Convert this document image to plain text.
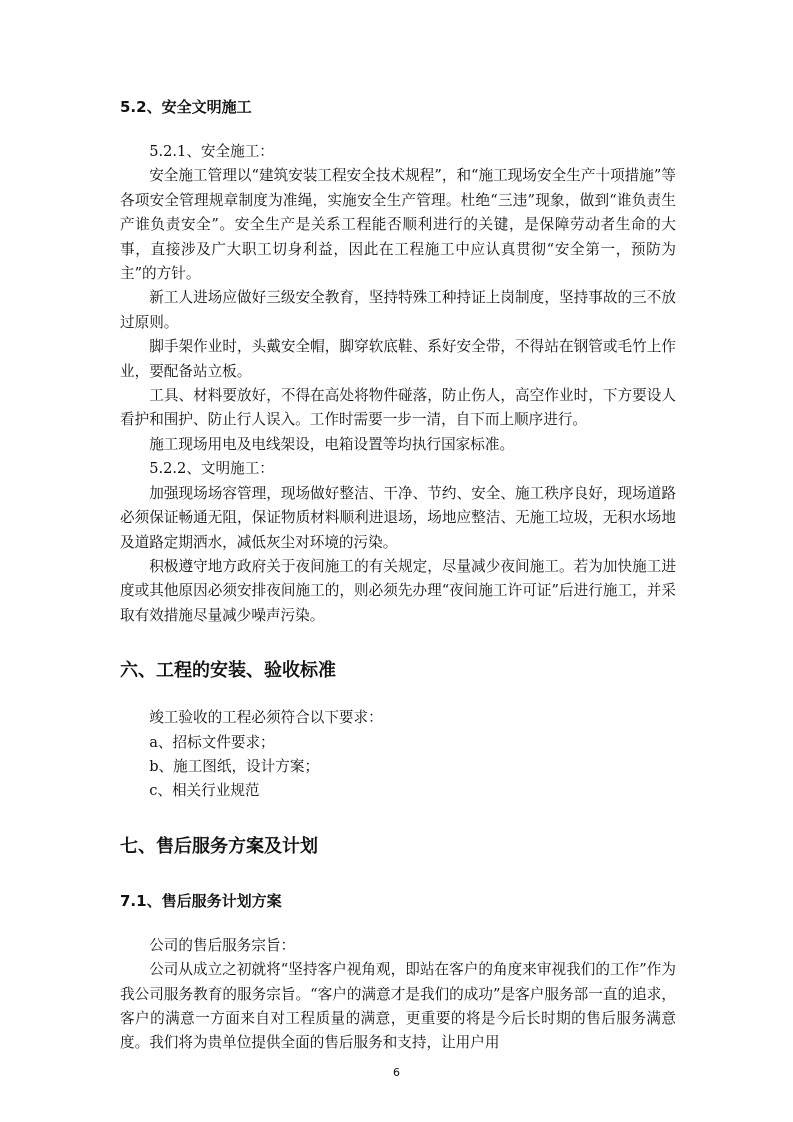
5.2、安全文明施工

5.2.1、安全施工：

安全施工管理以“建筑安装工程安全技术规程”，和“施工现场安全生产十项措施”等各项安全管理规章制度为准绳，实施安全生产管理。杜绝“三违”现象，做到“谁负责生产谁负责安全”。安全生产是关系工程能否顺利进行的关键，是保障劳动者生命的大事，直接涉及广大职工切身利益，因此在工程施工中应认真贯彻“安全第一，预防为主”的方针。

新工人进场应做好三级安全教育，坚持特殊工种持证上岗制度，坚持事故的三不放过原则。

脚手架作业时，头戴安全帽，脚穿软底鞋、系好安全带，不得站在钢管或毛竹上作业，要配备站立板。

工具、材料要放好，不得在高处将物件碰落，防止伤人，高空作业时，下方要设人看护和围护、防止行人误入。工作时需要一步一清，自下而上顺序进行。

施工现场用电及电线架设，电箱设置等均执行国家标准。

5.2.2、文明施工：

加强现场场容管理，现场做好整洁、干净、节约、安全、施工秩序良好，现场道路必须保证畅通无阻，保证物质材料顺利进退场，场地应整洁、无施工垃圾，无积水场地及道路定期洒水，减低灰尘对环境的污染。

积极遵守地方政府关于夜间施工的有关规定，尽量减少夜间施工。若为加快施工进度或其他原因必须安排夜间施工的，则必须先办理“夜间施工许可证”后进行施工，并采取有效措施尽量减少噪声污染。

六、工程的安装、验收标准

竣工验收的工程必须符合以下要求：

a、招标文件要求；

b、施工图纸，设计方案；

c、相关行业规范

七、售后服务方案及计划
7.1、售后服务计划方案

公司的售后服务宗旨：

公司从成立之初就将“坚持客户视角观，即站在客户的角度来审视我们的工作”作为我公司服务教育的服务宗旨。“客户的满意才是我们的成功”是客户服务部一直的追求，客户的满意一方面来自对工程质量的满意，更重要的将是今后长时期的售后服务满意度。我们将为贵单位提供全面的售后服务和支持，让用户用

6
